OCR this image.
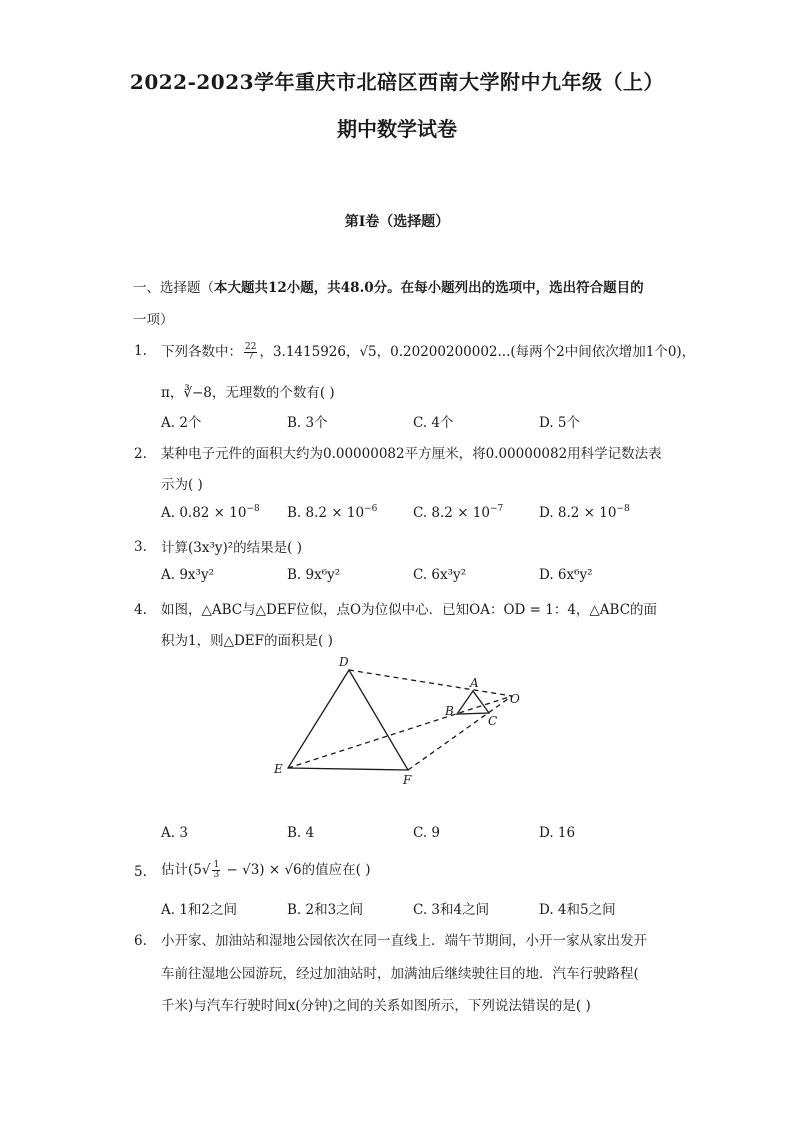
2022-2023学年重庆市北碚区西南大学附中九年级（上）
期中数学试卷
第I卷（选择题）
一、选择题（本大题共12小题，共48.0分。在每小题列出的选项中，选出符合题目的
一项）
1. 下列各数中： $\frac{22}{7}$ ，3.1415926，√5，0.20200200002...(每两个2中间依次增加1个0)，
π，∛−8，无理数的个数有( )
A. 2个	B. 3个	C. 4个	D. 5个
2. 某种电子元件的面积大约为0.00000082平方厘米，将0.00000082用科学记数法表
示为( )
A. $0.82 \times 10^{-8}$ B. $8.2 \times 10^{-6}$	C. $8.2 \times 10^{-7}$	D. $8.2 \times 10^{-8}$
3. 计算(3x³y)²的结果是( )
A. 9x³y²	B. 9x⁶y²	C. 6x³y²	D. 6x⁶y²
4. 如图，△ABC与△DEF位似，点O为位似中心．已知OA：OD = 1：4，△ABC的面
积为1，则△DEF的面积是( )
D
E
F
A
B
C
O
A. 3	B. 4	C. 9	D. 16
5. 估计$(5√ \frac{1}{3} - √3) \times √6$的值应在( )
A. 1和2之间	B. 2和3之间	C. 3和4之间	D. 4和5之间
6. 小开家、加油站和湿地公园依次在同一直线上．端午节期间，小开一家从家出发开
车前往湿地公园游玩，经过加油站时，加满油后继续驶往目的地．汽车行驶路程(
千米)与汽车行驶时间x(分钟)之间的关系如图所示，下列说法错误的是( )
